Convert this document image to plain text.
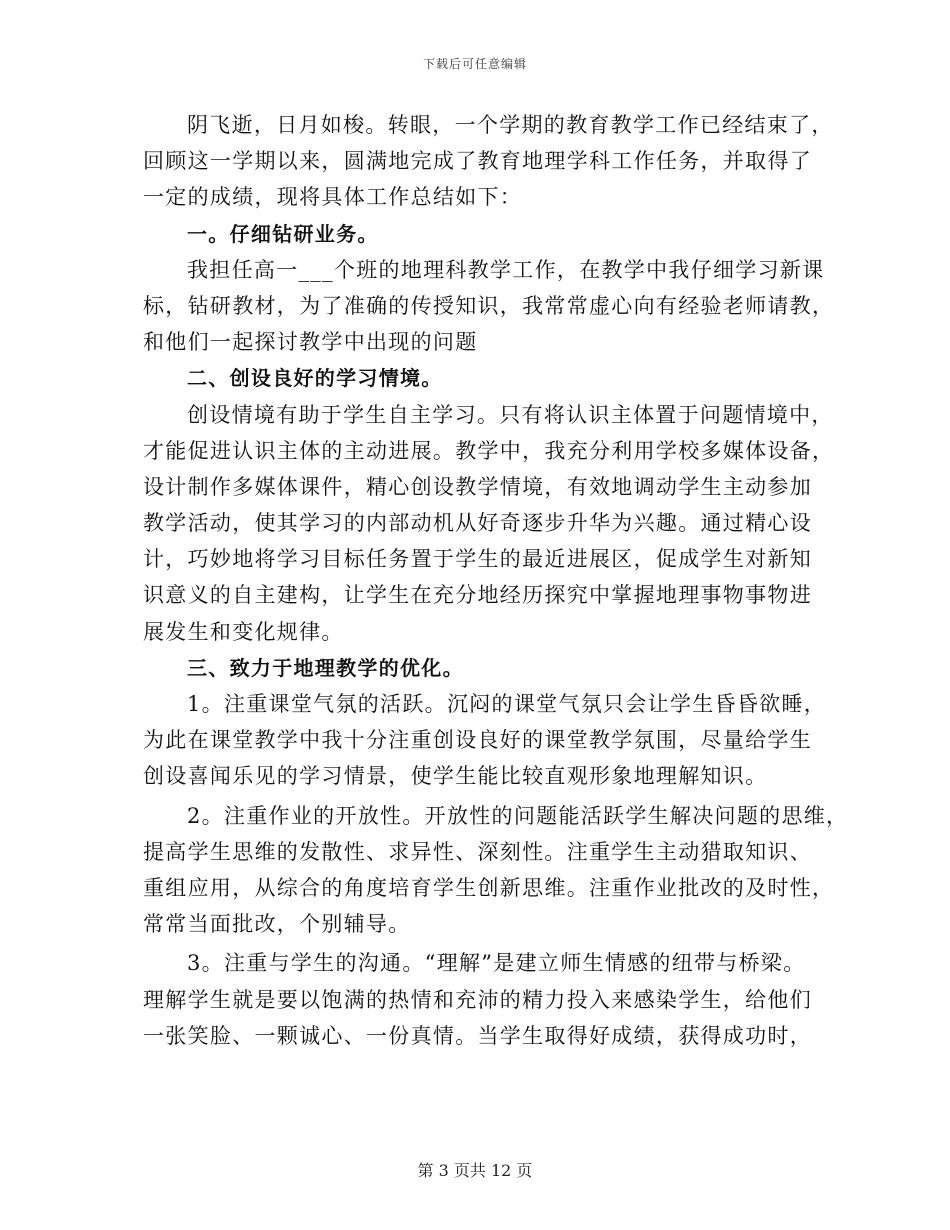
下载后可任意编辑
阴飞逝，日月如梭。转眼，一个学期的教育教学工作已经结束了，
回顾这一学期以来，圆满地完成了教育地理学科工作任务，并取得了
一定的成绩，现将具体工作总结如下：
一。仔细钻研业务。
我担任高一___个班的地理科教学工作，在教学中我仔细学习新课
标，钻研教材，为了准确的传授知识，我常常虚心向有经验老师请教，
和他们一起探讨教学中出现的问题
二、创设良好的学习情境。
创设情境有助于学生自主学习。只有将认识主体置于问题情境中，
才能促进认识主体的主动进展。教学中，我充分利用学校多媒体设备，
设计制作多媒体课件，精心创设教学情境，有效地调动学生主动参加
教学活动，使其学习的内部动机从好奇逐步升华为兴趣。通过精心设
计，巧妙地将学习目标任务置于学生的最近进展区，促成学生对新知
识意义的自主建构，让学生在充分地经历探究中掌握地理事物事物进
展发生和变化规律。
三、致力于地理教学的优化。
1。注重课堂气氛的活跃。沉闷的课堂气氛只会让学生昏昏欲睡，
为此在课堂教学中我十分注重创设良好的课堂教学氛围，尽量给学生
创设喜闻乐见的学习情景，使学生能比较直观形象地理解知识。
2。注重作业的开放性。开放性的问题能活跃学生解决问题的思维，
提高学生思维的发散性、求异性、深刻性。注重学生主动猎取知识、
重组应用，从综合的角度培育学生创新思维。注重作业批改的及时性，
常常当面批改，个别辅导。
3。注重与学生的沟通。“理解”是建立师生情感的纽带与桥梁。
理解学生就是要以饱满的热情和充沛的精力投入来感染学生，给他们
一张笑脸、一颗诚心、一份真情。当学生取得好成绩，获得成功时，
第 3 页共 12 页
